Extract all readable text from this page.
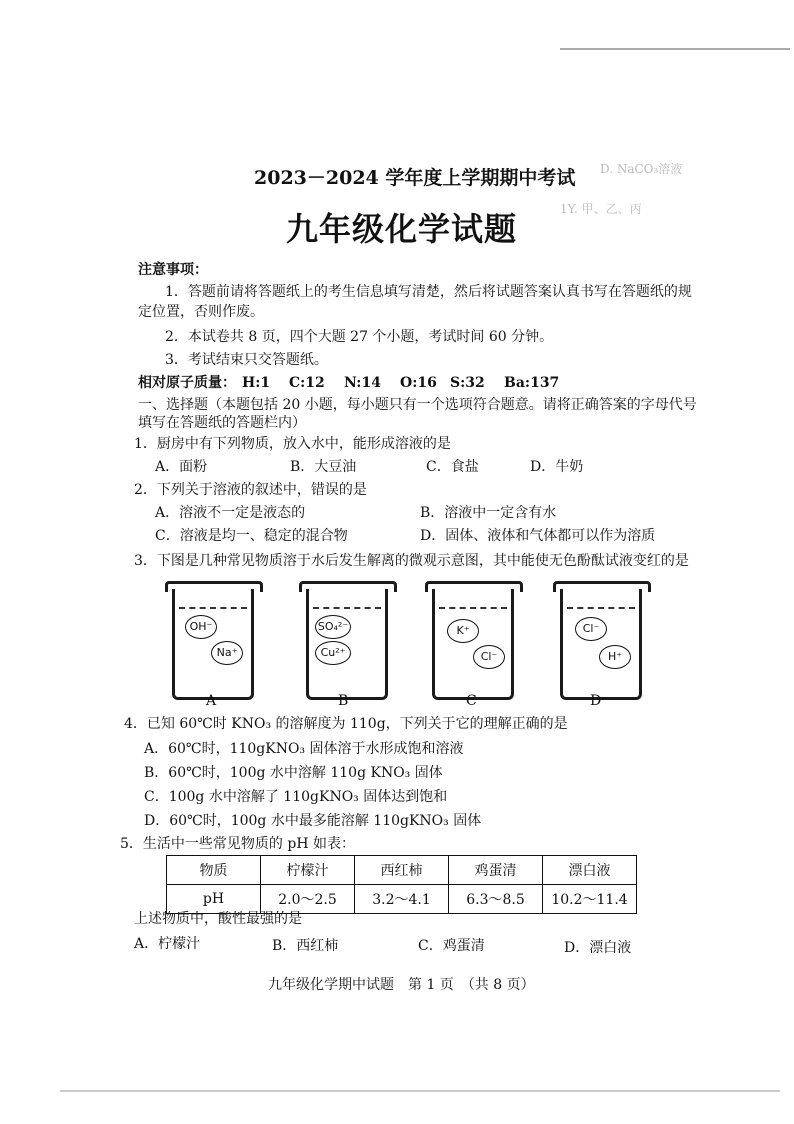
D. NaCO₃溶液
1Y. 甲、乙、丙
2023－2024 学年度上学期期中考试
九年级化学试题
注意事项：
1．答题前请将答题纸上的考生信息填写清楚，然后将试题答案认真书写在答题纸的规
定位置，否则作废。
2．本试卷共 8 页，四个大题 27 个小题，考试时间 60 分钟。
3．考试结束只交答题纸。
相对原子质量： H:1 C:12 N:14 O:16 S:32 Ba:137
一、选择题（本题包括 20 小题，每小题只有一个选项符合题意。请将正确答案的字母代号
填写在答题纸的答题栏内）
1．厨房中有下列物质，放入水中，能形成溶液的是
A．面粉	B．大豆油	C．食盐	D．牛奶
2．下列关于溶液的叙述中，错误的是
A．溶液不一定是液态的	B．溶液中一定含有水
C．溶液是均一、稳定的混合物	D．固体、液体和气体都可以作为溶质
3．下图是几种常见物质溶于水后发生解离的微观示意图，其中能使无色酚酞试液变红的是
OH⁻
Na⁺
SO₄²⁻
Cu²⁺
K⁺
Cl⁻
Cl⁻
H⁺
A	B	C	D
4．已知 60℃时 KNO₃ 的溶解度为 110g，下列关于它的理解正确的是
A．60℃时，110gKNO₃ 固体溶于水形成饱和溶液
B．60℃时，100g 水中溶解 110g KNO₃ 固体
C．100g 水中溶解了 110gKNO₃ 固体达到饱和
D．60℃时，100g 水中最多能溶解 110gKNO₃ 固体
5．生活中一些常见物质的 pH 如表：
物质	柠檬汁	西红柿	鸡蛋清	漂白液
pH	2.0～2.5	3.2～4.1	6.3～8.5	10.2～11.4
上述物质中，酸性最强的是
A．柠檬汁	B．西红柿	C．鸡蛋清	D．漂白液
九年级化学期中试题　第 1 页　（共 8 页）
